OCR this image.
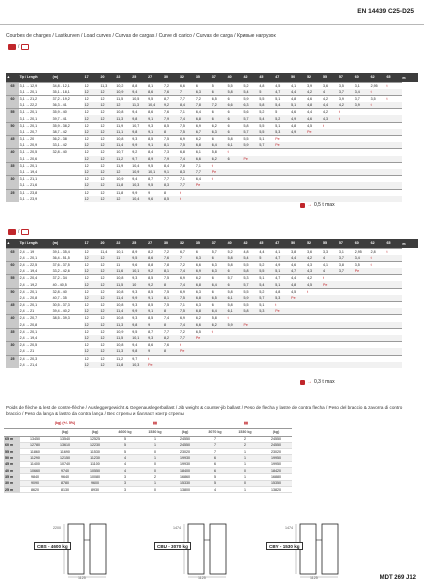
EN 14439 C25-D25
Courbes de charges / Lastkurven / Load curves / Curvas de cargas / Curve di carico / Curvas de carga / Кривые нагрузок
/
▲	Tip / Length	(m)	17	20	22	25	27	30	32	35	37	40	42	45	47	50	52	55	57	60	62	65	m
65	3,1 → 12,9	34,8 - 12,1	12	11,3	10,2	8,8	8,1	7,2	6,6	6	5	5,5	5,2	4,8	4,5	4,1	3,9	3,6	3,5	3,1	2,95	t	
	3,1 → 20,1	35,1 - 18,1	12	12	10,9	9,4	8,6	7,6	7	6,3	6	5,8	5,4	5	4,7	4,4	4,2	4	3,7	3,4	t		
60	3,1 → 21,2	37,2 - 19,2	12	12	11,5	10,5	9,5	8,7	7,7	7,2	6,5	6	5,9	5,5	5,1	4,8	4,6	4,2	3,9	3,7	3,5	t	
	3,1 → 22,2	36,3 - 41	12	12	12	11,3	10,4	9,2	8,4	7,8	7,2	6,6	6,3	5,8	5,4	5,1	4,8	4,4	4,2	3,9	t		
55	3,1 → 20,1	35,9 - 40	12	12	10,8	9,4	8,6	7,6	7,1	6,4	6	6	5,6	5,2	5	4,6	4,4	4,2	t				
	3,1 → 20,1	39,7 - 41	12	12	11,3	9,8	9,1	7,9	7,4	6,8	6	6	5,7	5,4	5,2	4,9	4,6	4,3	t				
50	3,1 → 20,1	35,9 - 38,2	12	12	11,9	10,7	9,3	8,5	7,5	6,9	6,2	6	5,8	5,5	5,1	4,8	4,5	t					
	3,1 → 20,7	38,7 - 42	12	12	11,1	9,8	9,1	8	7,5	6,7	6,3	6	5,7	5,5	5,3	4,9	Pe						
45	3,1 → 20	36,2 - 38	12	12	10,8	9,3	8,5	7,5	6,9	6,2	6	5,8	5,5	5,1	Pe								
	3,1 → 20,9	33,1 - 42	12	12	11,4	9,9	9,1	8,1	7,5	6,8	6,4	6,1	5,9	5,7	Pe								
40	3,1 → 20,5	32,8 - 40	12	12	10,7	9,2	8,4	7,3	6,8	6,1	5,8	t											
	3,1 → 20,6		12	12	11,2	9,7	8,9	7,9	7,4	6,6	6,2	6	Pe										
35	3,1 → 20,1		12	12	11,9	10,4	9,5	8,4	7,8	7,1	t												
	3,1 → 19,4		12	12	12	10,9	10,1	9,1	8,3	7,7	Pe												
30	3,1 → 21,1		12	12	10,9	9,4	8,7	7,7	7,1	6,4	t												
	3,1 → 21,6		12	12	11,8	10,3	9,5	8,3	7,7	Pe													
25	3,1 → 23,8		12	12	11,8	9,9	9	8	t														
	3,1 → 23,9		12	12	12	10,4	9,6	8,5	t														
→ 0,5 t max
/
▲	Tip / Length	(m)	17	20	22	25	27	30	32	35	37	40	42	45	47	50	52	55	57	60	62	65	m
65	2,4 → 19	39,1 - 35,4	12	11,4	10,1	8,9	8,2	7,2	6,7	6	5,7	5,2	4,8	4,4	4,1	3,8	3,6	3,3	3,1	2,95	2,8	t	
	2,4 → 20,1	36,4 - 51,5	12	12	11	9,5	8,6	7,6	7	6,3	6	5,8	5,4	5	4,7	4,4	4,2	4	3,7	3,4	t		
60	2,4 → 22,5	37,6 - 37,5	12	12	11	9,6	8,8	7,8	7,2	6,6	6,3	5,8	5,5	5,2	4,9	4,6	4,3	4,1	3,8	3,5	t		
	2,4 → 19,4	33,2 - 42,6	12	12	11,6	10,1	9,2	8,1	7,4	6,9	6,3	6	5,8	5,5	5,1	4,7	4,3	4	3,7	Pe			
55	2,4 → 20,4	37,2 - 34	12	12	10,8	9,3	8,5	7,5	6,9	6,2	6	5,7	5,3	5,1	4,7	4,4	4,2	t					
	2,4 → 19,2	40 - 40,5	12	12	11,5	10	9,2	8	7,4	6,8	6,4	6	5,7	5,4	5,1	4,8	4,5	Pe					
50	2,4 → 20,1	32,8 - 40	12	12	10,8	9,3	8,5	7,5	6,9	6,3	6	5,8	5,5	5,2	4,8	4,5	t						
	2,4 → 20,8	40,7 - 35	12	12	11,4	9,9	9,1	8,1	7,5	6,8	6,5	6,1	5,9	5,7	5,3	Pe							
45	2,4 → 20,1	30,5 - 37,3	12	12	10,8	9,3	8,5	7,5	7,1	6,3	6	5,8	5,5	5,1	t								
	2,4 → 21	39,4 - 40,2	12	12	11,4	9,9	9,1	8	7,5	6,8	6,4	6,1	5,8	5,3	Pe								
40	2,4 → 20,7	38,5 - 39,3	12	12	10,8	9,3	8,5	7,4	6,9	6,2	5,8	t											
	2,4 → 20,8		12	12	11,3	9,8	9	8	7,4	6,6	6,2	5,9	Pe										
35	2,4 → 20,1		12	12	10,9	9,5	8,7	7,7	7,2	6,5	t												
	2,4 → 19,4		12	12	11,5	10,1	9,3	8,2	7,7	Pe													
30	2,4 → 20,5		12	12	10,8	9,4	8,6	7,6	t														
	2,4 → 21		12	12	11,3	9,8	9	8	Pe														
25	2,4 → 20,3		12	12	11,2	9,7	t																
	2,4 → 21,4		12	12	11,8	10,3	Pe																
→ 0,3 t max
Poids de flèche & lest de contre-flèche / Ausleggergewicht & Gegenauslegerballast / Jib weight & counter-jib ballast / Peso de flecha y lastre de contra flecha / Peso del braccio & zavorra di contro braccio / Peso da lança & lastro da contra lança / Вес стрелы и балласт контр стрелы
	(kg) (+/- 5%)			▮▮			▮▮		
		(kg)	(kg)	4600 kg	1530 kg	(kg)	3070 kg	1530 kg	(kg)
65 m	13450	13540	12525	5	1	24550	7	2	24550
60 m	12780	13610	12230	5	1	24550	7	2	24550
55 m	11860	11690	11530	5	0	23020	7	1	23020
50 m	11290	12150	11230	4	1	19930	6	1	19950
45 m	11400	10740	11100	4	0	19930	6	1	19950
40 m	10660	9740	10550	4	0	18400	6	0	18420
35 m	9840	9640	10080	3	2	16860	5	1	16880
30 m	9090	8780	9600	3	1	15330	5	0	15350
25 m	8620	8130	8930	3	0	13800	4	1	13820
CBS - 4600 kg
2200
1125
CBU - 3070 kg
1474
1125
CBY - 1530 kg
1474
1125	MDT 269 J12
